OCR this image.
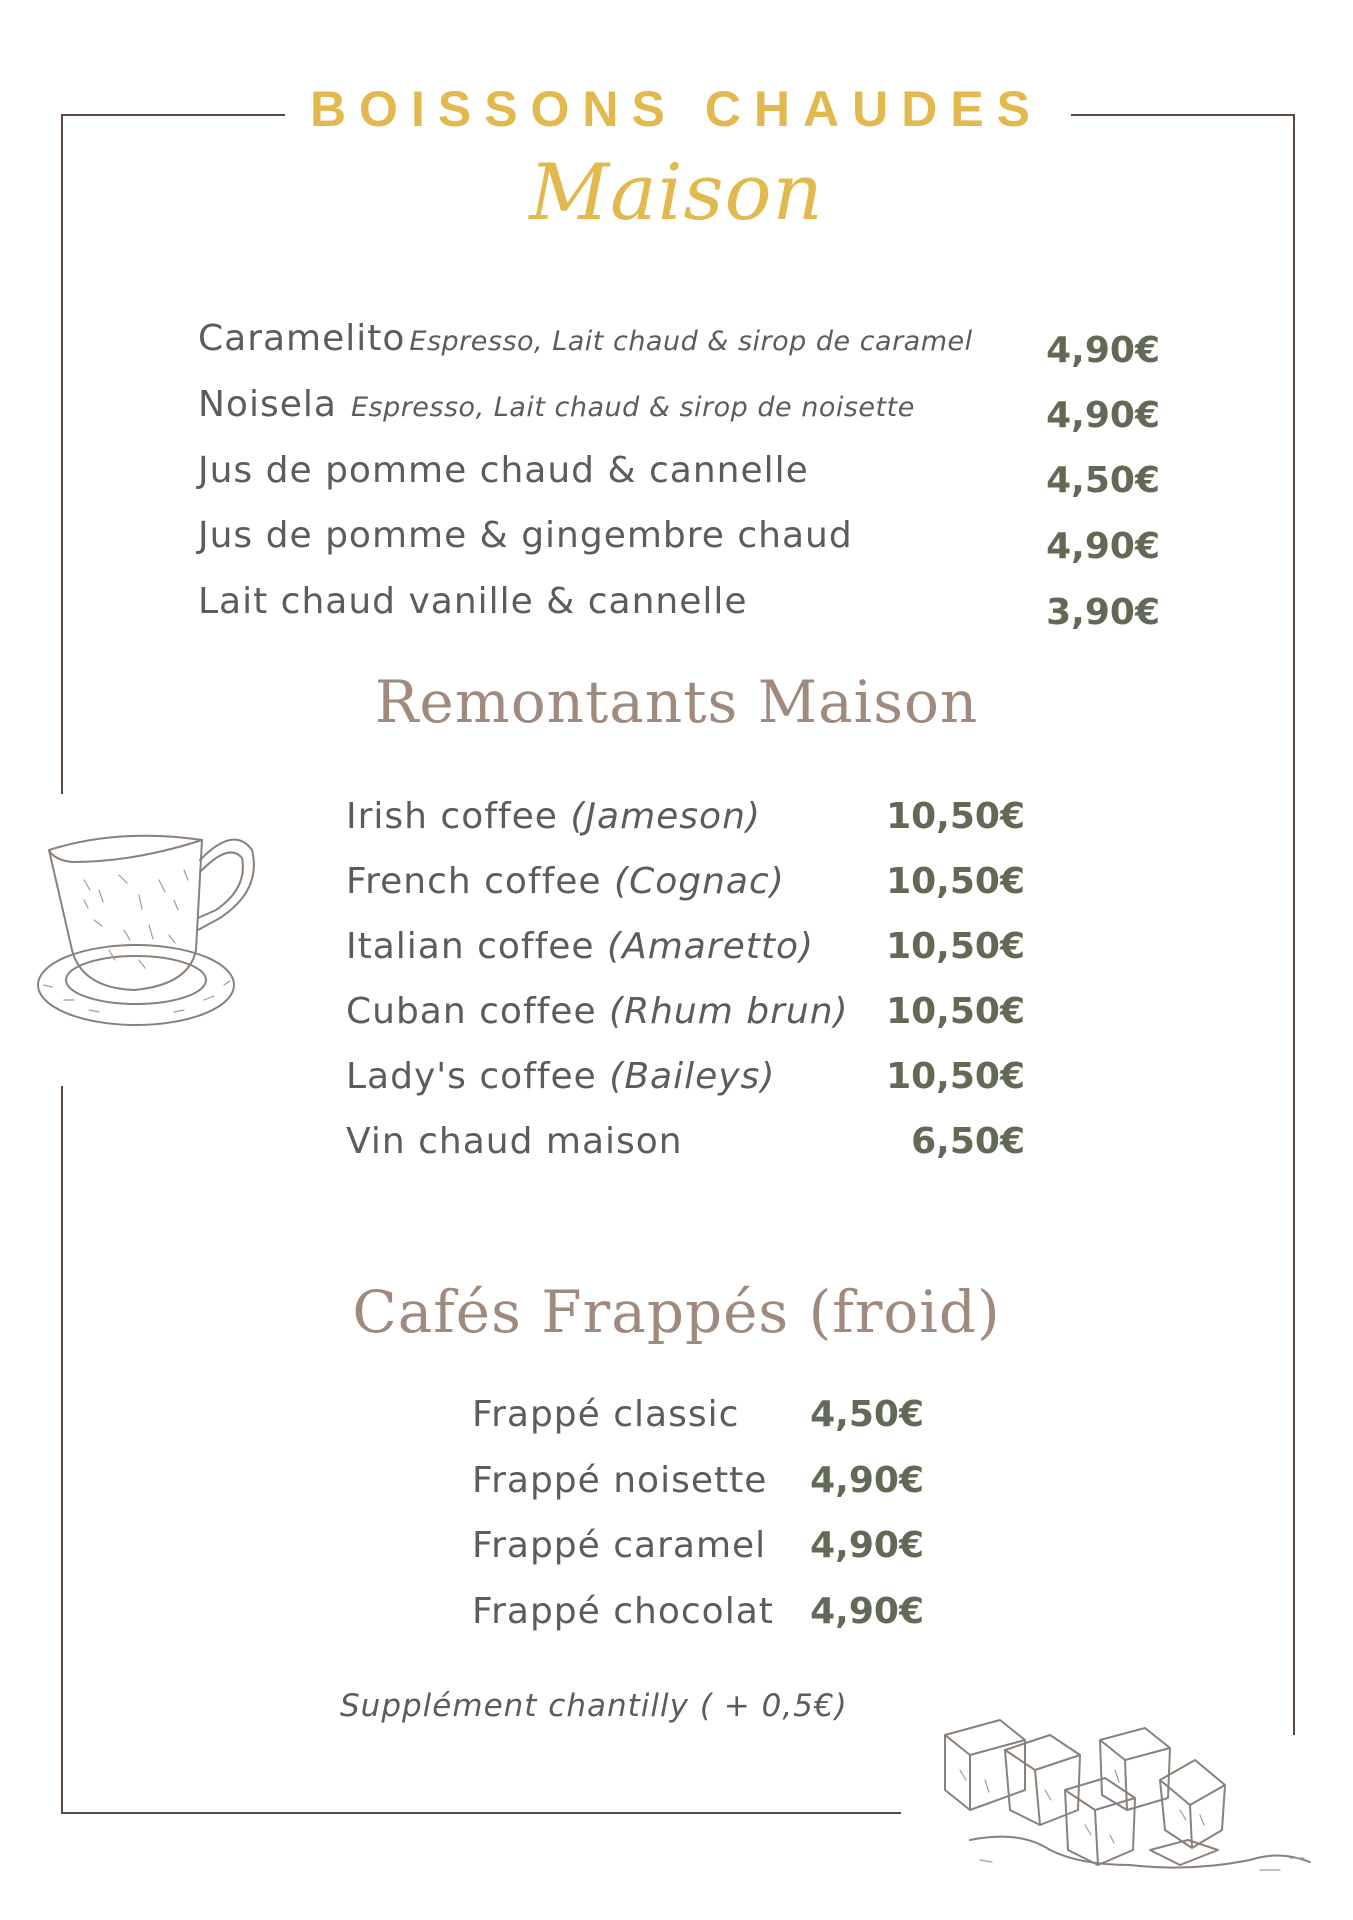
BOISSONS CHAUDES
Maison
Caramelito Espresso, Lait chaud & sirop de caramel 4,90€
Noisela Espresso, Lait chaud & sirop de noisette	4,90€
Jus de pomme chaud & cannelle	4,50€
Jus de pomme & gingembre chaud	4,90€
Lait chaud vanille & cannelle	3,90€
Remontants Maison
Irish coffee (Jameson)	10,50€
French coffee (Cognac)	10,50€
Italian coffee (Amaretto) 10,50€
Cuban coffee (Rhum brun) 10,50€
Lady's coffee (Baileys)	10,50€
Vin chaud maison	6,50€
Cafés Frappés (froid)
Frappé classic 4,50€
Frappé noisette 4,90€
Frappé caramel 4,90€
Frappé chocolat 4,90€
Supplément chantilly ( + 0,5€)
